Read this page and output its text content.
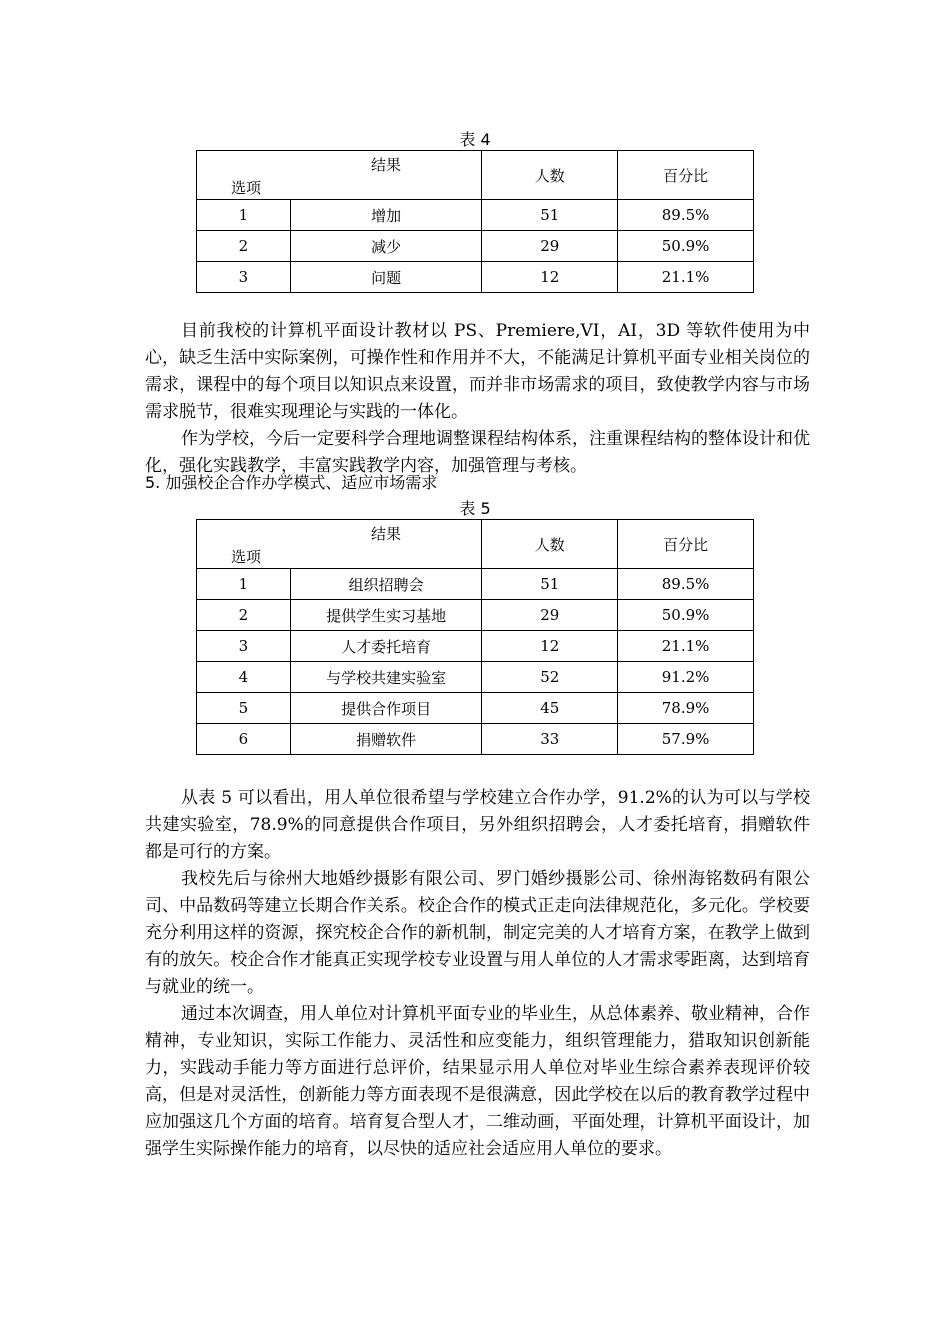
表 4
结果
选项		人数	百分比
1	增加	51	89.5%
2	减少	29	50.9%
3	问题	12	21.1%

目前我校的计算机平面设计教材以 PS、Premiere,VI，AI，3D 等软件使用为中心，缺乏生活中实际案例，可操作性和作用并不大，不能满足计算机平面专业相关岗位的需求，课程中的每个项目以知识点来设置，而并非市场需求的项目，致使教学内容与市场需求脱节，很难实现理论与实践的一体化。

作为学校，今后一定要科学合理地调整课程结构体系，注重课程结构的整体设计和优化，强化实践教学，丰富实践教学内容，加强管理与考核。

5. 加强校企合作办学模式、适应市场需求
表 5
结果
选项		人数	百分比
1	组织招聘会	51	89.5%
2	提供学生实习基地	29	50.9%
3	人才委托培育	12	21.1%
4	与学校共建实验室	52	91.2%
5	提供合作项目	45	78.9%
6	捐赠软件	33	57.9%

从表 5 可以看出，用人单位很希望与学校建立合作办学，91.2%的认为可以与学校共建实验室，78.9%的同意提供合作项目，另外组织招聘会，人才委托培育，捐赠软件都是可行的方案。

我校先后与徐州大地婚纱摄影有限公司、罗门婚纱摄影公司、徐州海铭数码有限公司、中品数码等建立长期合作关系。校企合作的模式正走向法律规范化，多元化。学校要充分利用这样的资源，探究校企合作的新机制，制定完美的人才培育方案，在教学上做到有的放矢。校企合作才能真正实现学校专业设置与用人单位的人才需求零距离，达到培育与就业的统一。

通过本次调查，用人单位对计算机平面专业的毕业生，从总体素养、敬业精神，合作精神，专业知识，实际工作能力、灵活性和应变能力，组织管理能力，猎取知识创新能力，实践动手能力等方面进行总评价，结果显示用人单位对毕业生综合素养表现评价较高，但是对灵活性，创新能力等方面表现不是很满意，因此学校在以后的教育教学过程中应加强这几个方面的培育。培育复合型人才，二维动画，平面处理，计算机平面设计，加强学生实际操作能力的培育，以尽快的适应社会适应用人单位的要求。
